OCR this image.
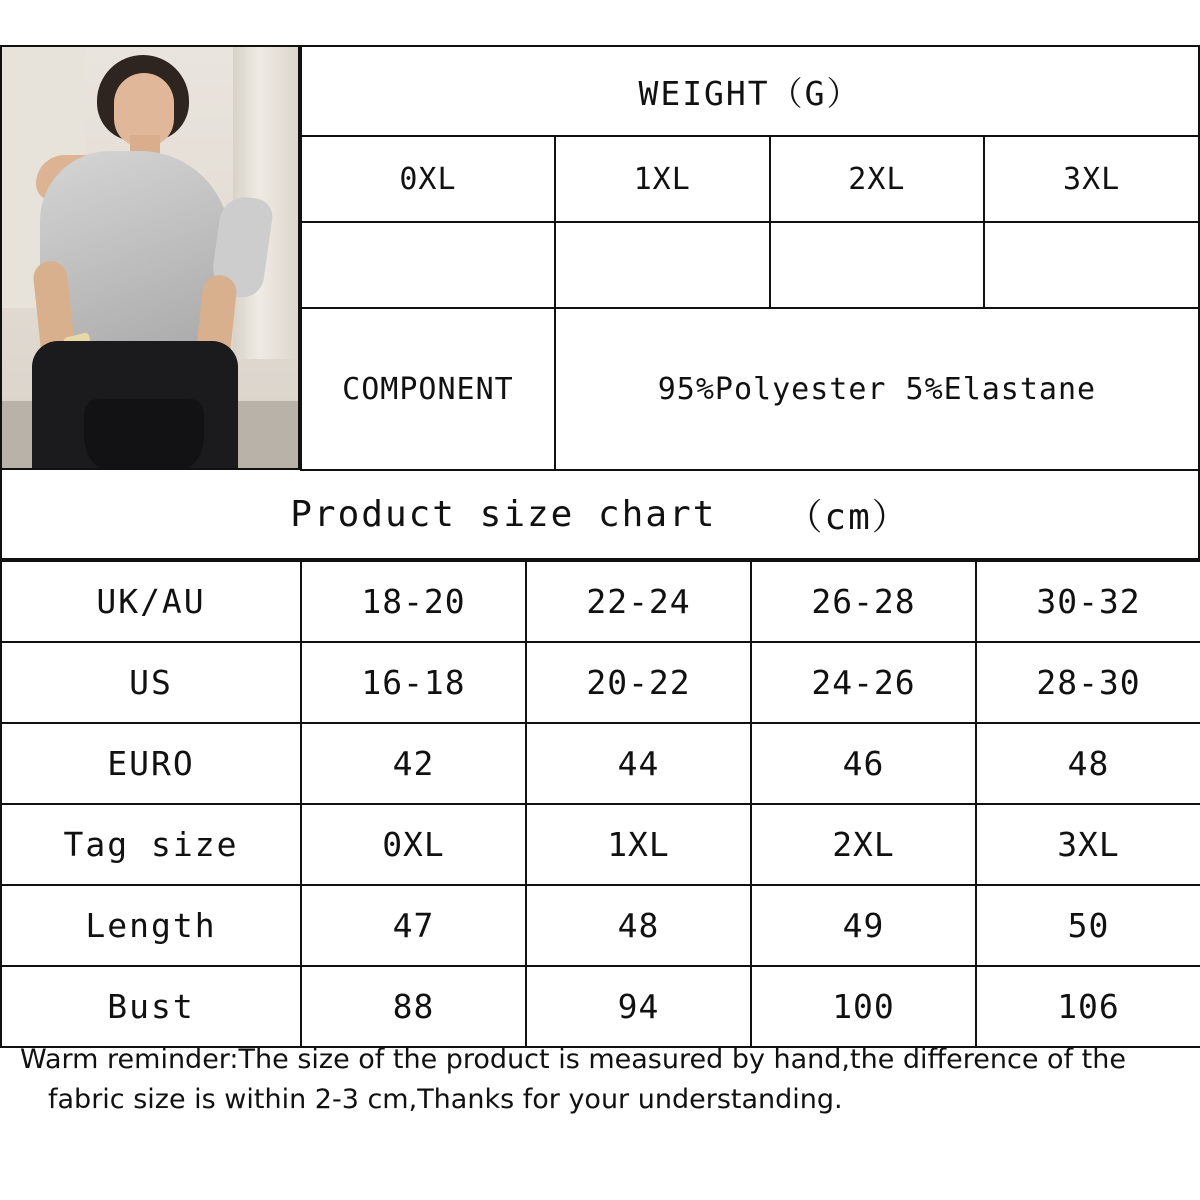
WEIGHT（G）			
0XL	1XL	2XL	3XL

COMPONENT	95%Polyester 5%Elastane		
Product size chart （cm）
UK/AU	18-20	22-24	26-28	30-32
US	16-18	20-22	24-26	28-30
EURO	42	44	46	48
Tag size	0XL	1XL	2XL	3XL
Length	47	48	49	50
Bust	88	94	100	106
Warm reminder:The size of the product is measured by hand,the difference of the
fabric size is within 2-3 cm,Thanks for your understanding.
